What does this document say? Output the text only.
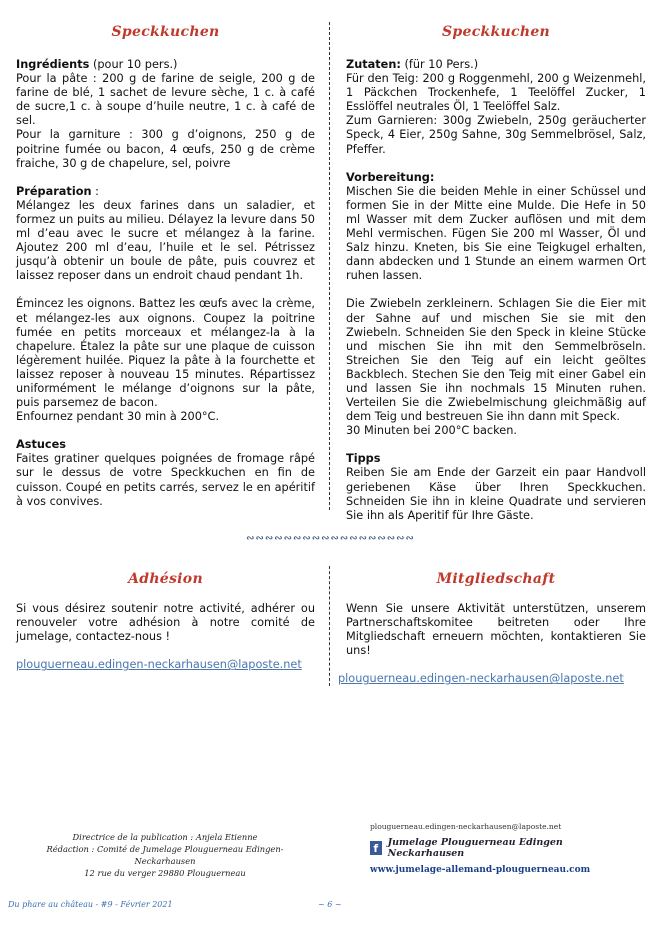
Speckkuchen	Speckkuchen

Ingrédients (pour 10 pers.)

Pour la pâte : 200 g de farine de seigle, 200 g de farine de blé, 1 sachet de levure sèche, 1 c. à café de sucre,1 c. à soupe d’huile neutre, 1 c. à café de sel.

Pour la garniture : 300 g d’oignons, 250 g de poitrine fumée ou bacon, 4 œufs, 250 g de crème fraiche, 30 g de chapelure, sel, poivre

Préparation :

Mélangez les deux farines dans un saladier, et formez un puits au milieu. Délayez la levure dans 50 ml d’eau avec le sucre et mélangez à la farine. Ajoutez 200 ml d’eau, l’huile et le sel. Pétrissez jusqu’à obtenir un boule de pâte, puis couvrez et laissez reposer dans un endroit chaud pendant 1h.

Émincez les oignons. Battez les œufs avec la crème, et mélangez-les aux oignons. Coupez la poitrine fumée en petits morceaux et mélangez-la à la chapelure. Étalez la pâte sur une plaque de cuisson légèrement huilée. Piquez la pâte à la fourchette et laissez reposer à nouveau 15 minutes. Répartissez uniformément le mélange d’oignons sur la pâte, puis parsemez de bacon.

Enfournez pendant 30 min à 200°C.

Astuces

Faites gratiner quelques poignées de fromage râpé sur le dessus de votre Speckkuchen en fin de cuisson. Coupé en petits carrés, servez le en apéritif à vos convives.

Zutaten: (für 10 Pers.)

Für den Teig: 200 g Roggenmehl, 200 g Weizenmehl, 1 Päckchen Trockenhefe, 1 Teelöffel Zucker, 1 Esslöffel neutrales Öl, 1 Teelöffel Salz.

Zum Garnieren: 300g Zwiebeln, 250g geräucherter Speck, 4 Eier, 250g Sahne, 30g Semmelbrösel, Salz, Pfeffer.

Vorbereitung:

Mischen Sie die beiden Mehle in einer Schüssel und formen Sie in der Mitte eine Mulde. Die Hefe in 50 ml Wasser mit dem Zucker auflösen und mit dem Mehl vermischen. Fügen Sie 200 ml Wasser, Öl und Salz hinzu. Kneten, bis Sie eine Teigkugel erhalten, dann abdecken und 1 Stunde an einem warmen Ort ruhen lassen.

Die Zwiebeln zerkleinern. Schlagen Sie die Eier mit der Sahne auf und mischen Sie sie mit den Zwiebeln. Schneiden Sie den Speck in kleine Stücke und mischen Sie ihn mit den Semmelbröseln. Streichen Sie den Teig auf ein leicht geöltes Backblech. Stechen Sie den Teig mit einer Gabel ein und lassen Sie ihn nochmals 15 Minuten ruhen. Verteilen Sie die Zwiebelmischung gleichmäßig auf dem Teig und bestreuen Sie ihn dann mit Speck.

30 Minuten bei 200°C backen.

Tipps

Reiben Sie am Ende der Garzeit ein paar Handvoll geriebenen Käse über Ihren Speckkuchen. Schneiden Sie ihn in kleine Quadrate und servieren Sie ihn als Aperitif für Ihre Gäste.

∾∾∾∾∾∾∾∾∾∾∾∾∾∾∾∾∾∾
Adhésion	Mitgliedschaft

Si vous désirez soutenir notre activité, adhérer ou renouveler votre adhésion à notre comité de jumelage, contactez-nous !

plouguerneau.edingen-neckarhausen@laposte.net

Wenn Sie unsere Aktivität unterstützen, unserem Partnerschaftskomitee beitreten oder Ihre Mitgliedschaft erneuern möchten, kontaktieren Sie uns!

plouguerneau.edingen-neckarhausen@laposte.net

Directrice de la publication : Anjela Etienne
Rédaction : Comité de Jumelage Plouguerneau Edingen-Neckarhausen
12 rue du verger 29880 Plouguerneau
plouguerneau.edingen-neckarhausen@laposte.net
f Jumelage Plouguerneau Edingen Neckarhausen
www.jumelage-allemand-plouguerneau.com
Du phare au château - #9 - Février 2021	~ 6 ~
